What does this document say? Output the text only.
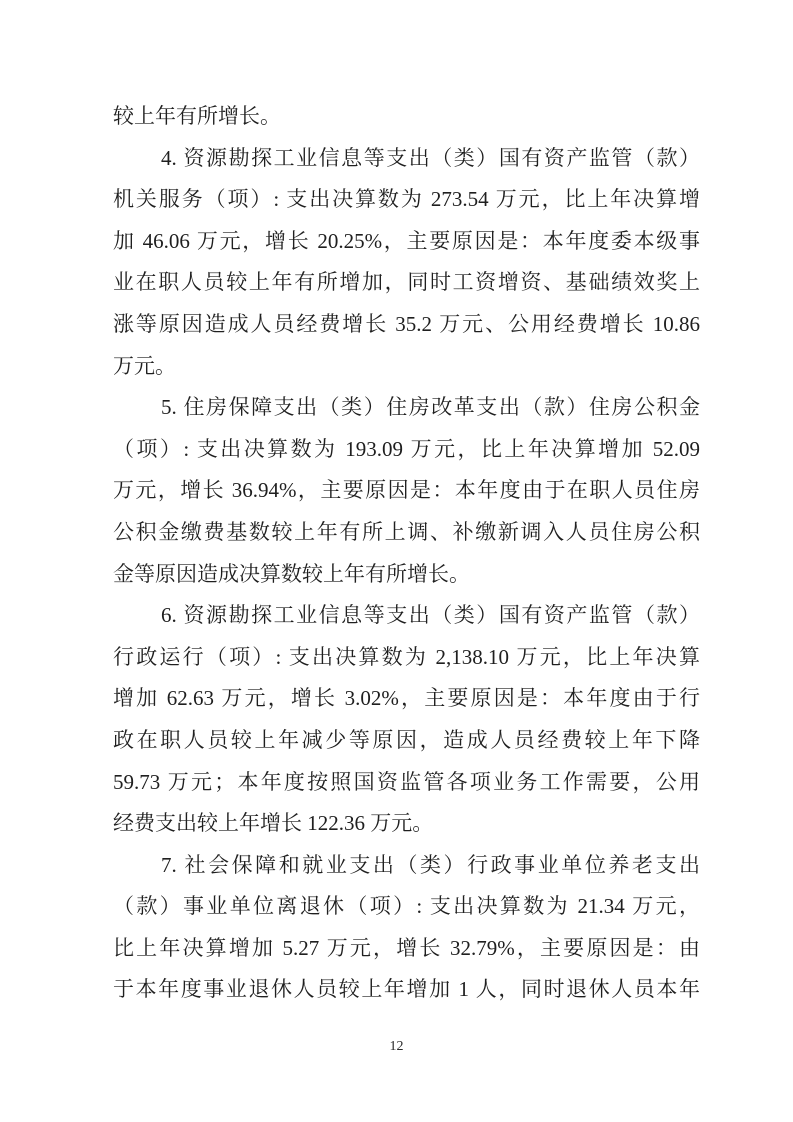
较上年有所增长。
4. 资源勘探工业信息等支出（类）国有资产监管（款）
机关服务（项）: 支出决算数为 273.54 万元，比上年决算增
加 46.06 万元，增长 20.25%，主要原因是：本年度委本级事
业在职人员较上年有所增加，同时工资增资、基础绩效奖上
涨等原因造成人员经费增长 35.2 万元、公用经费增长 10.86
万元。
5. 住房保障支出（类）住房改革支出（款）住房公积金
（项）: 支出决算数为 193.09 万元，比上年决算增加 52.09
万元，增长 36.94%，主要原因是：本年度由于在职人员住房
公积金缴费基数较上年有所上调、补缴新调入人员住房公积
金等原因造成决算数较上年有所增长。
6. 资源勘探工业信息等支出（类）国有资产监管（款）
行政运行（项）: 支出决算数为 2,138.10 万元，比上年决算
增加 62.63 万元，增长 3.02%，主要原因是：本年度由于行
政在职人员较上年减少等原因，造成人员经费较上年下降
59.73 万元；本年度按照国资监管各项业务工作需要，公用
经费支出较上年增长 122.36 万元。
7. 社会保障和就业支出（类）行政事业单位养老支出
（款）事业单位离退休（项）: 支出决算数为 21.34 万元，
比上年决算增加 5.27 万元，增长 32.79%，主要原因是：由
于本年度事业退休人员较上年增加 1 人，同时退休人员本年
12
